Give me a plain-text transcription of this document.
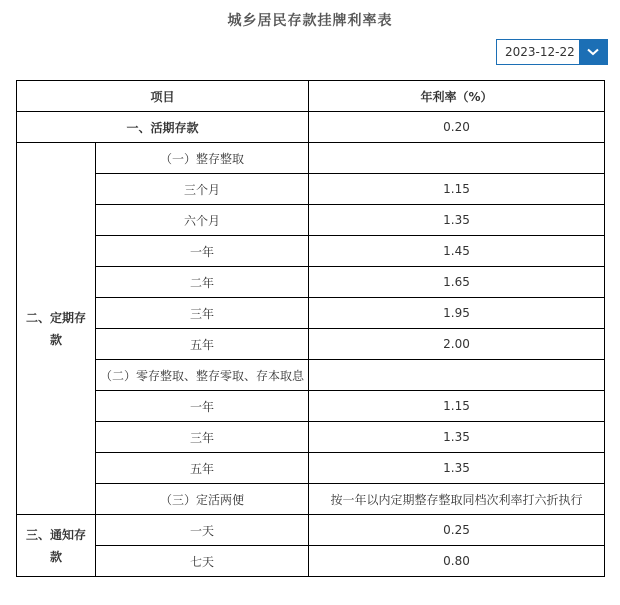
城乡居民存款挂牌利率表
2023-12-22
项目		年利率（%）
一、活期存款		0.20
二、定期存款	（一）整存整取	
	三个月	1.15
	六个月	1.35
	一年	1.45
	二年	1.65
	三年	1.95
	五年	2.00
	（二）零存整取、整存零取、存本取息	
	一年	1.15
	三年	1.35
	五年	1.35
	（三）定活两便	按一年以内定期整存整取同档次利率打六折执行
三、通知存款	一天	0.25
	七天	0.80
